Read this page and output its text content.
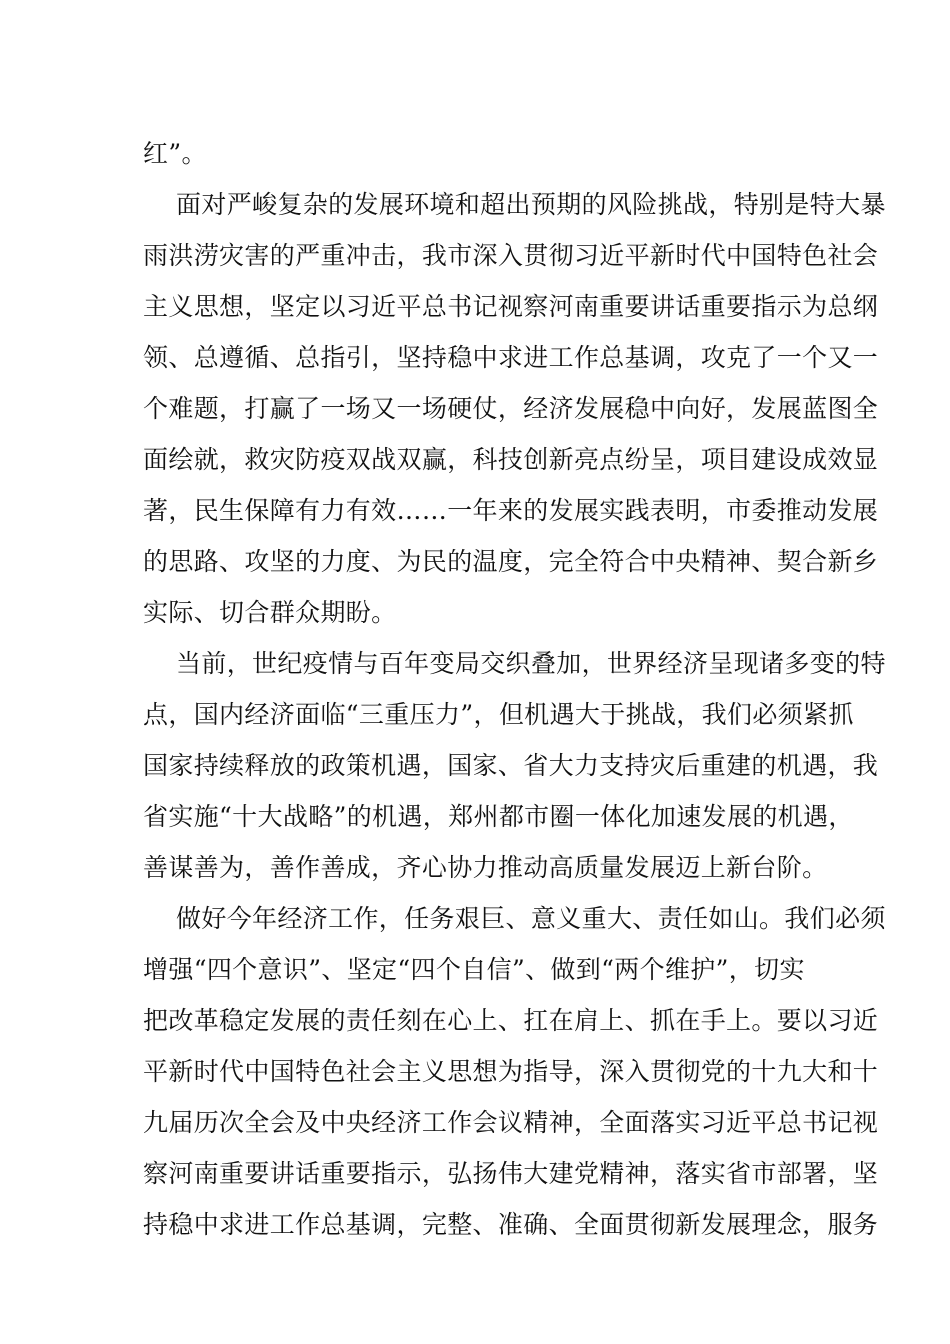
红”。
面对严峻复杂的发展环境和超出预期的风险挑战，特别是特大暴
雨洪涝灾害的严重冲击，我市深入贯彻习近平新时代中国特色社会
主义思想，坚定以习近平总书记视察河南重要讲话重要指示为总纲
领、总遵循、总指引，坚持稳中求进工作总基调，攻克了一个又一
个难题，打赢了一场又一场硬仗，经济发展稳中向好，发展蓝图全
面绘就，救灾防疫双战双赢，科技创新亮点纷呈，项目建设成效显
著，民生保障有力有效……一年来的发展实践表明，市委推动发展
的思路、攻坚的力度、为民的温度，完全符合中央精神、契合新乡
实际、切合群众期盼。
当前，世纪疫情与百年变局交织叠加，世界经济呈现诸多变的特
点，国内经济面临“三重压力”，但机遇大于挑战，我们必须紧抓
国家持续释放的政策机遇，国家、省大力支持灾后重建的机遇，我
省实施“十大战略”的机遇，郑州都市圈一体化加速发展的机遇，
善谋善为，善作善成，齐心协力推动高质量发展迈上新台阶。
做好今年经济工作，任务艰巨、意义重大、责任如山。我们必须
增强“四个意识”、坚定“四个自信”、做到“两个维护”，切实
把改革稳定发展的责任刻在心上、扛在肩上、抓在手上。要以习近
平新时代中国特色社会主义思想为指导，深入贯彻党的十九大和十
九届历次全会及中央经济工作会议精神，全面落实习近平总书记视
察河南重要讲话重要指示，弘扬伟大建党精神，落实省市部署，坚
持稳中求进工作总基调，完整、准确、全面贯彻新发展理念，服务
